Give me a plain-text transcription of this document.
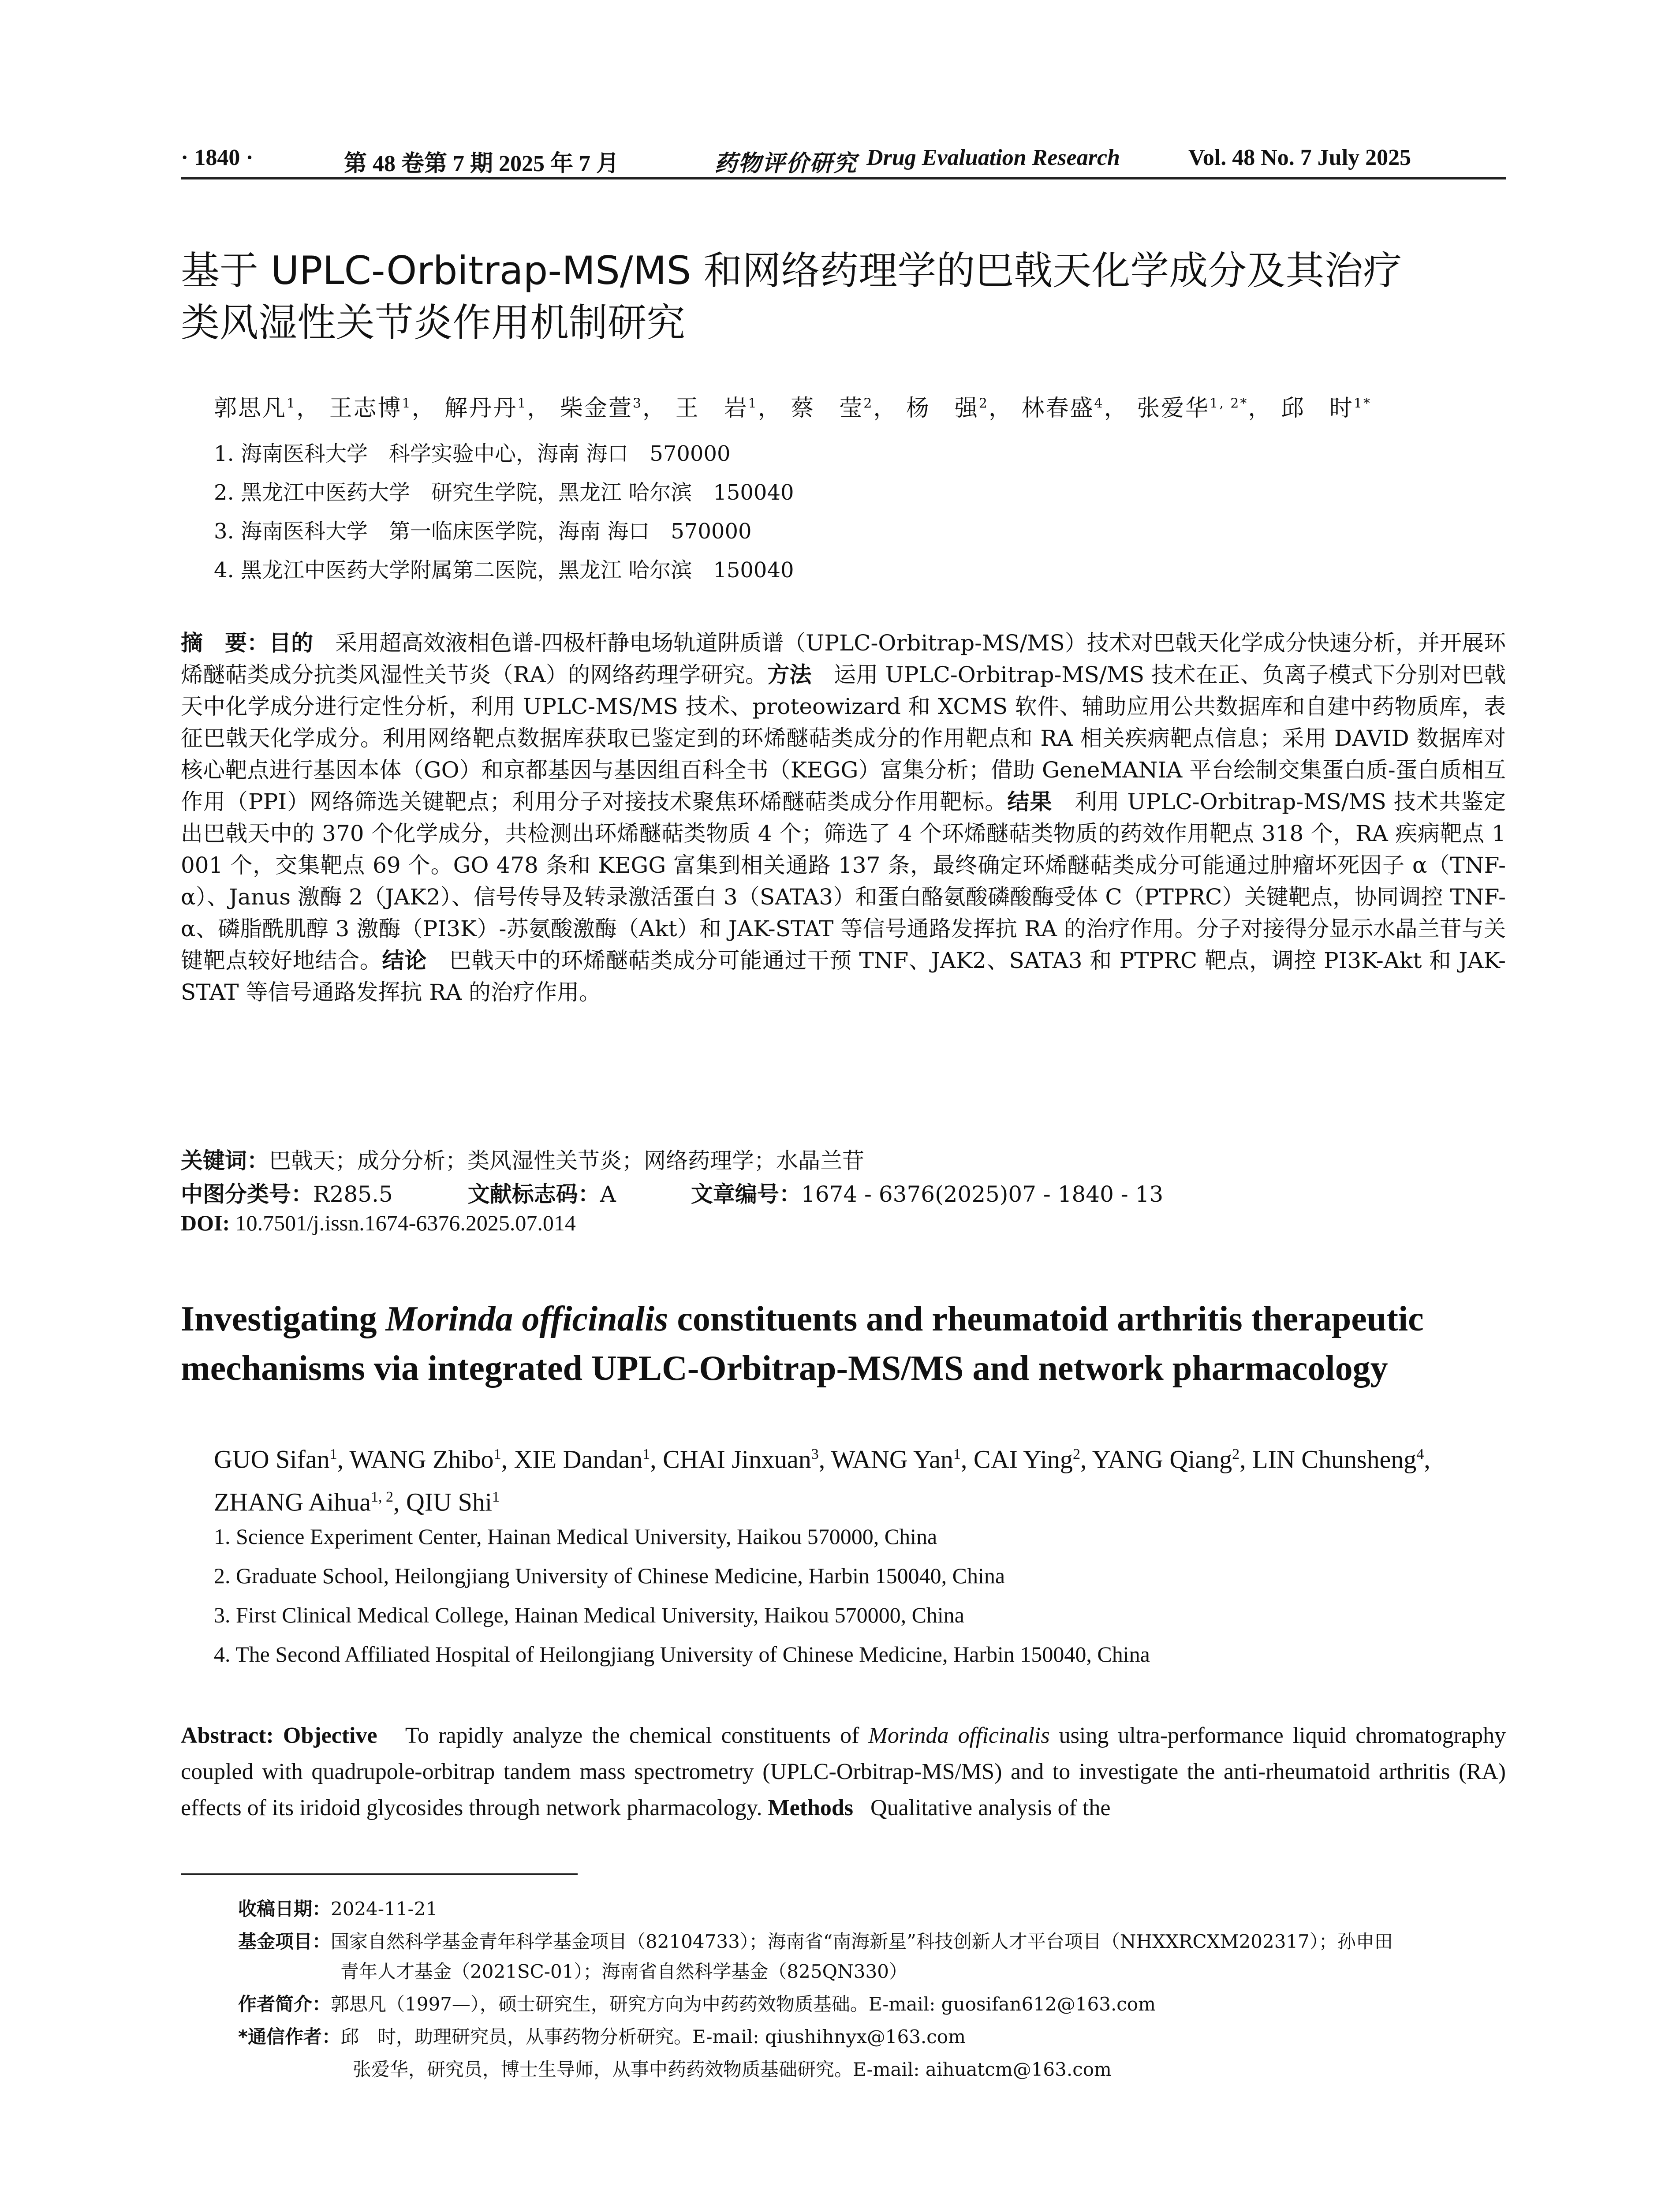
· 1840 ·	第 48 卷第 7 期 2025 年 7 月	药物评价研究 Drug Evaluation Research	Vol. 48 No. 7 July 2025
基于 UPLC-Orbitrap-MS/MS 和网络药理学的巴戟天化学成分及其治疗
类风湿性关节炎作用机制研究
郭思凡$^1$， 王志博$^1$， 解丹丹$^1$， 柴金萱$^3$， 王　岩$^1$， 蔡　莹$^2$， 杨　强$^2$， 林春盛$^4$， 张爱华$^{1, 2*}$， 邱　时$^{1*}$
1. 海南医科大学　科学实验中心，海南 海口　570000
2. 黑龙江中医药大学　研究生学院，黑龙江 哈尔滨　150040
3. 海南医科大学　第一临床医学院，海南 海口　570000
4. 黑龙江中医药大学附属第二医院，黑龙江 哈尔滨　150040

摘　要：目的　 采用超高效液相色谱-四极杆静电场轨道阱质谱（UPLC-Orbitrap-MS/MS）技术对巴戟天化学成分快速分析，并开展环烯醚萜类成分抗类风湿性关节炎（RA）的网络药理学研究。方法　 运用 UPLC-Orbitrap-MS/MS 技术在正、负离子模式下分别对巴戟天中化学成分进行定性分析，利用 UPLC-MS/MS 技术、proteowizard 和 XCMS 软件、辅助应用公共数据库和自建中药物质库，表征巴戟天化学成分。利用网络靶点数据库获取已鉴定到的环烯醚萜类成分的作用靶点和 RA 相关疾病靶点信息；采用 DAVID 数据库对核心靶点进行基因本体（GO）和京都基因与基因组百科全书（KEGG）富集分析；借助 GeneMANIA 平台绘制交集蛋白质-蛋白质相互作用（PPI）网络筛选关键靶点；利用分子对接技术聚焦环烯醚萜类成分作用靶标。结果　 利用 UPLC-Orbitrap-MS/MS 技术共鉴定出巴戟天中的 370 个化学成分，共检测出环烯醚萜类物质 4 个；筛选了 4 个环烯醚萜类物质的药效作用靶点 318 个，RA 疾病靶点 1 001 个，交集靶点 69 个。GO 478 条和 KEGG 富集到相关通路 137 条，最终确定环烯醚萜类成分可能通过肿瘤坏死因子 α（TNF-α）、Janus 激酶 2（JAK2）、信号传导及转录激活蛋白 3（SATA3）和蛋白酪氨酸磷酸酶受体 C（PTPRC）关键靶点，协同调控 TNF-α、磷脂酰肌醇 3 激酶（PI3K）-苏氨酸激酶（Akt）和 JAK-STAT 等信号通路发挥抗 RA 的治疗作用。分子对接得分显示水晶兰苷与关键靶点较好地结合。结论　 巴戟天中的环烯醚萜类成分可能通过干预 TNF、JAK2、SATA3 和 PTPRC 靶点，调控 PI3K-Akt 和 JAK-STAT 等信号通路发挥抗 RA 的治疗作用。

关键词：巴戟天；成分分析；类风湿性关节炎；网络药理学；水晶兰苷
中图分类号：R285.5	文献标志码：A	文章编号：1674 - 6376(2025)07 - 1840 - 13
DOI: 10.7501/j.issn.1674-6376.2025.07.014
Investigating Morinda officinalis constituents and rheumatoid arthritis therapeutic
mechanisms via integrated UPLC-Orbitrap-MS/MS and network pharmacology
GUO Sifan$^1$, WANG Zhibo$^1$, XIE Dandan$^1$, CHAI Jinxuan$^3$, WANG Yan$^1$, CAI Ying$^2$, YANG Qiang$^2$, LIN Chunsheng$^4$, ZHANG Aihua$^{1, 2}$, QIU Shi$^1$
1. Science Experiment Center, Hainan Medical University, Haikou 570000, China
2. Graduate School, Heilongjiang University of Chinese Medicine, Harbin 150040, China
3. First Clinical Medical College, Hainan Medical University, Haikou 570000, China
4. The Second Affiliated Hospital of Heilongjiang University of Chinese Medicine, Harbin 150040, China

Abstract: Objective To rapidly analyze the chemical constituents of Morinda officinalis using ultra-performance liquid chromatography coupled with quadrupole-orbitrap tandem mass spectrometry (UPLC-Orbitrap-MS/MS) and to investigate the anti-rheumatoid arthritis (RA) effects of its iridoid glycosides through network pharmacology. Methods Qualitative analysis of the

收稿日期：2024-11-21
基金项目：国家自然科学基金青年科学基金项目（82104733）；海南省“南海新星”科技创新人才平台项目（NHXXRCXM202317）；孙申田
青年人才基金（2021SC-01）；海南省自然科学基金（825QN330）
作者简介：郭思凡（1997—），硕士研究生，研究方向为中药药效物质基础。E-mail: guosifan612@163.com
*通信作者：邱　时，助理研究员，从事药物分析研究。E-mail: qiushihnyx@163.com
张爱华，研究员，博士生导师，从事中药药效物质基础研究。E-mail: aihuatcm@163.com
